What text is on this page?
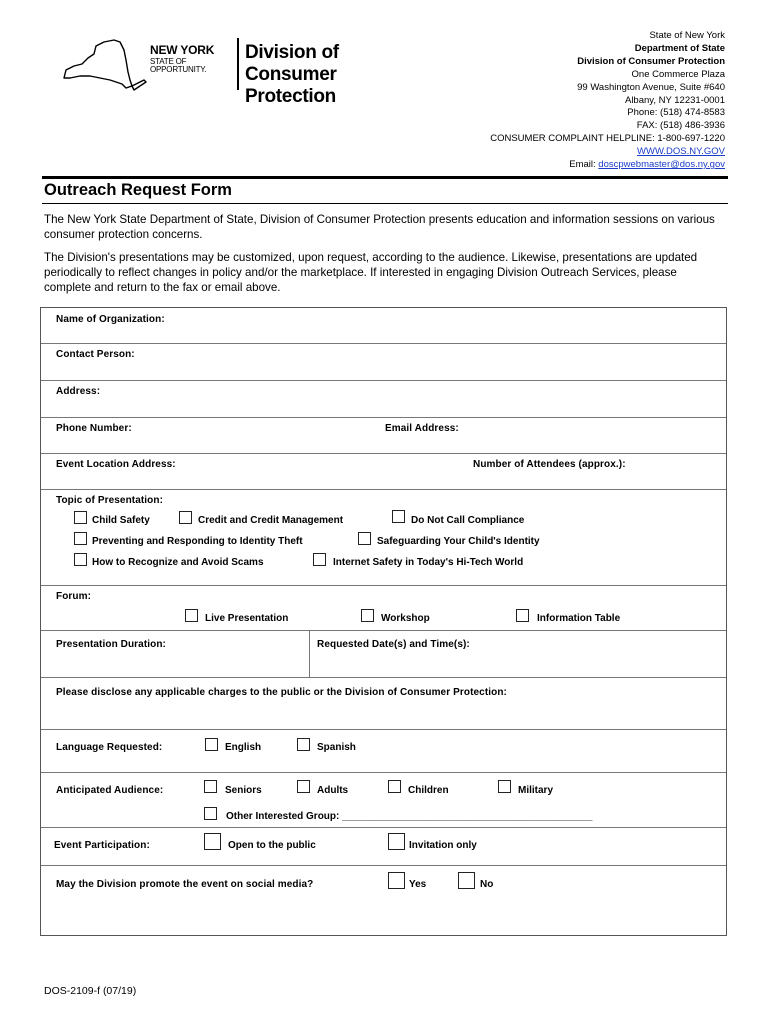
NEW YORK
STATE OF
OPPORTUNITY.
Division of
Consumer Protection
State of New York
Department of State
Division of Consumer Protection
One Commerce Plaza
99 Washington Avenue, Suite #640
Albany, NY 12231-0001
Phone: (518) 474-8583
FAX: (518) 486-3936
CONSUMER COMPLAINT HELPLINE: 1-800-697-1220
WWW.DOS.NY.GOV
Email: doscpwebmaster@dos.ny.gov
Outreach Request Form
The New York State Department of State, Division of Consumer Protection presents education and information sessions on various consumer protection concerns.
The Division's presentations may be customized, upon request, according to the audience. Likewise, presentations are updated periodically to reflect changes in policy and/or the marketplace. If interested in engaging Division Outreach Services, please complete and return to the fax or email above.
Name of Organization:
Contact Person:
Address:
Phone Number:	Email Address:
Event Location Address:	Number of Attendees (approx.):
Topic of Presentation:
Child Safety	Credit and Credit Management	Do Not Call Compliance
Preventing and Responding to Identity Theft	Safeguarding Your Child's Identity
How to Recognize and Avoid Scams	Internet Safety in Today's Hi-Tech World
Forum:
Live Presentation	Workshop	Information Table
Presentation Duration:	Requested Date(s) and Time(s):
Please disclose any applicable charges to the public or the Division of Consumer Protection:
Language Requested:	English	Spanish
Anticipated Audience:	Seniors	Adults	Children	Military
Other Interested Group: _____________________________________________
Event Participation:	Open to the public	Invitation only
May the Division promote the event on social media?	Yes	No
DOS-2109-f (07/19)
